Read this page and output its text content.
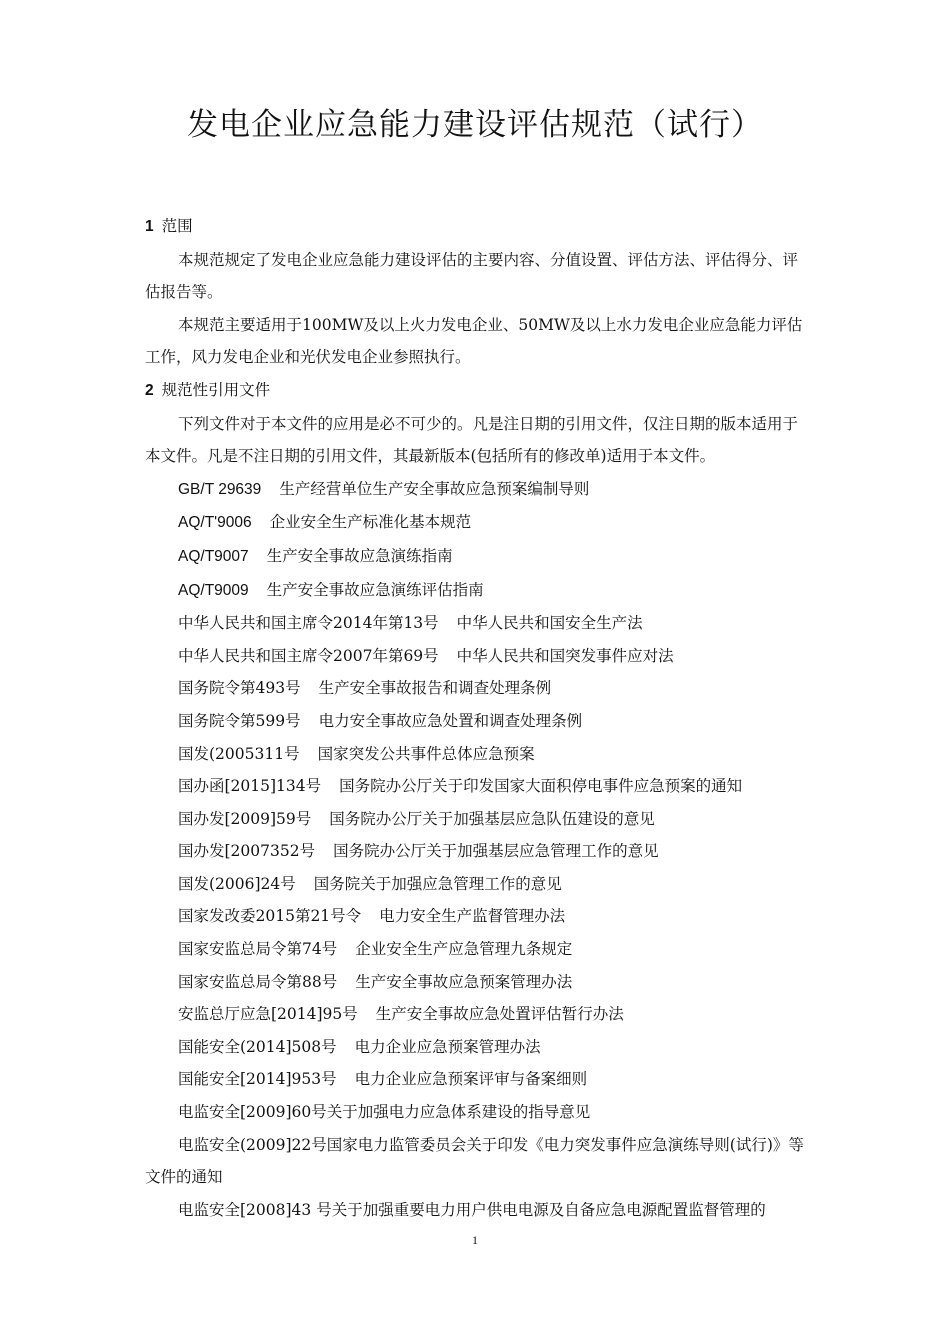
发电企业应急能力建设评估规范（试行）

1 范围

本规范规定了发电企业应急能力建设评估的主要内容、分值设置、评估方法、评估得分、评估报告等。

本规范主要适用于100MW及以上火力发电企业、50MW及以上水力发电企业应急能力评估工作，风力发电企业和光伏发电企业参照执行。

2 规范性引用文件

下列文件对于本文件的应用是必不可少的。凡是注日期的引用文件，仅注日期的版本适用于本文件。凡是不注日期的引用文件，其最新版本(包括所有的修改单)适用于本文件。

GB/T 29639 生产经营单位生产安全事故应急预案编制导则

AQ/T'9006 企业安全生产标准化基本规范

AQ/T9007 生产安全事故应急演练指南

AQ/T9009 生产安全事故应急演练评估指南

中华人民共和国主席令2014年第13号 中华人民共和国安全生产法

中华人民共和国主席令2007年第69号 中华人民共和国突发事件应对法

国务院令第493号 生产安全事故报告和调查处理条例

国务院令第599号 电力安全事故应急处置和调查处理条例

国发(2005311号 国家突发公共事件总体应急预案

国办函[2015]134号 国务院办公厅关于印发国家大面积停电事件应急预案的通知

国办发[2009]59号 国务院办公厅关于加强基层应急队伍建设的意见

国办发[2007352号 国务院办公厅关于加强基层应急管理工作的意见

国发(2006]24号 国务院关于加强应急管理工作的意见

国家发改委2015第21号令 电力安全生产监督管理办法

国家安监总局令第74号 企业安全生产应急管理九条规定

国家安监总局令第88号 生产安全事故应急预案管理办法

安监总厅应急[2014]95号 生产安全事故应急处置评估暂行办法

国能安全(2014]508号 电力企业应急预案管理办法

国能安全[2014]953号 电力企业应急预案评审与备案细则

电监安全[2009]60号关于加强电力应急体系建设的指导意见

电监安全(2009]22号国家电力监管委员会关于印发《电力突发事件应急演练导则(试行)》等文件的通知

电监安全[2008]43 号关于加强重要电力用户供电电源及自备应急电源配置监督管理的

1
